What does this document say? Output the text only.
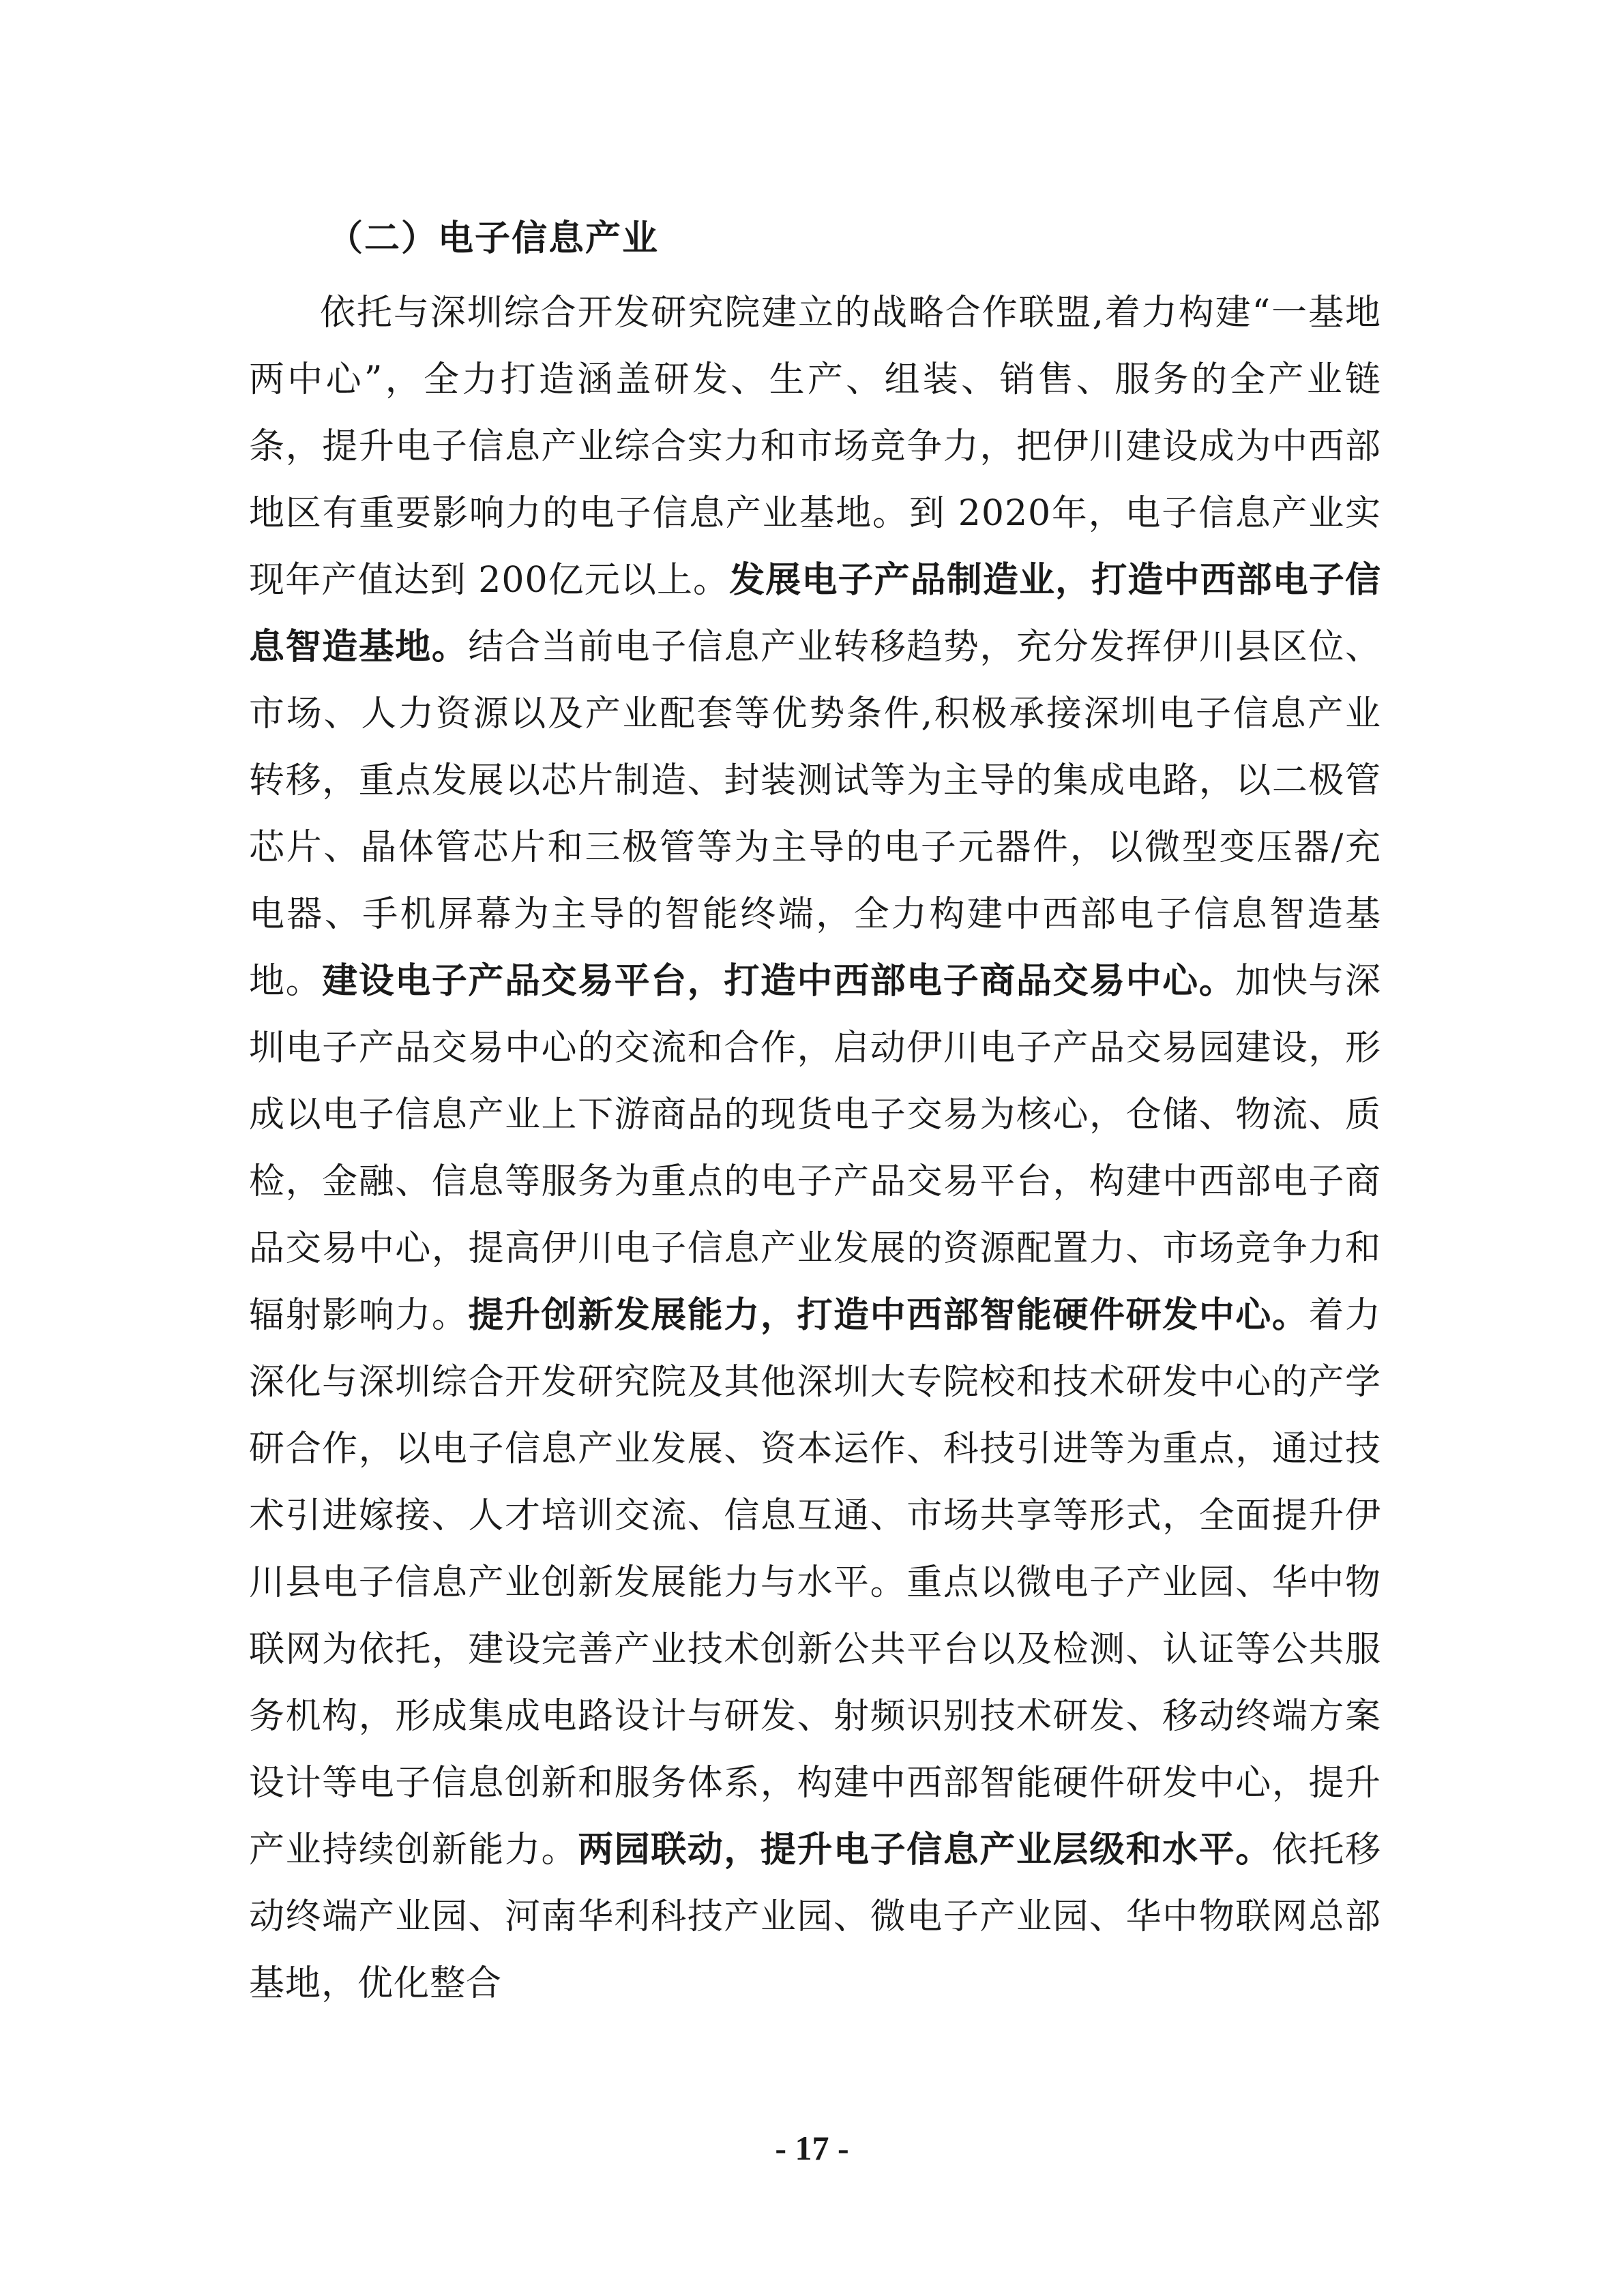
（二）电子信息产业

依托与深圳综合开发研究院建立的战略合作联盟,着力构建“一基地两中心”，全力打造涵盖研发、生产、组装、销售、服务的全产业链条，提升电子信息产业综合实力和市场竞争力，把伊川建设成为中西部地区有重要影响力的电子信息产业基地。到 2020年，电子信息产业实现年产值达到 200亿元以上。发展电子产品制造业，打造中西部电子信息智造基地。结合当前电子信息产业转移趋势，充分发挥伊川县区位、市场、人力资源以及产业配套等优势条件,积极承接深圳电子信息产业转移，重点发展以芯片制造、封装测试等为主导的集成电路，以二极管芯片、晶体管芯片和三极管等为主导的电子元器件，以微型变压器/充电器、手机屏幕为主导的智能终端，全力构建中西部电子信息智造基地。建设电子产品交易平台，打造中西部电子商品交易中心。加快与深圳电子产品交易中心的交流和合作，启动伊川电子产品交易园建设，形成以电子信息产业上下游商品的现货电子交易为核心，仓储、物流、质检，金融、信息等服务为重点的电子产品交易平台，构建中西部电子商品交易中心，提高伊川电子信息产业发展的资源配置力、市场竞争力和辐射影响力。提升创新发展能力，打造中西部智能硬件研发中心。着力深化与深圳综合开发研究院及其他深圳大专院校和技术研发中心的产学研合作，以电子信息产业发展、资本运作、科技引进等为重点，通过技术引进嫁接、人才培训交流、信息互通、市场共享等形式，全面提升伊川县电子信息产业创新发展能力与水平。重点以微电子产业园、华中物联网为依托，建设完善产业技术创新公共平台以及检测、认证等公共服务机构，形成集成电路设计与研发、射频识别技术研发、移动终端方案设计等电子信息创新和服务体系，构建中西部智能硬件研发中心，提升产业持续创新能力。两园联动，提升电子信息产业层级和水平。依托移动终端产业园、河南华利科技产业园、微电子产业园、华中物联网总部基地，优化整合

- 17 -
